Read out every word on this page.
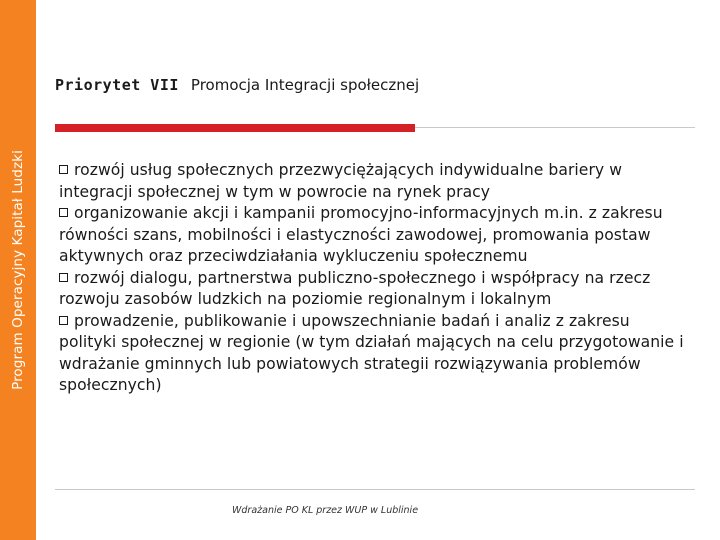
Program Operacyjny Kapitał Ludzki
Priorytet VII Promocja Integracji społecznej
rozwój usług społecznych przezwyciężających indywidualne bariery w integracji społecznej w tym w powrocie na rynek pracy
organizowanie akcji i kampanii promocyjno-informacyjnych m.in. z zakresu równości szans, mobilności i elastyczności zawodowej, promowania postaw aktywnych oraz przeciwdziałania wykluczeniu społecznemu
rozwój dialogu, partnerstwa publiczno-społecznego i współpracy na rzecz rozwoju zasobów ludzkich na poziomie regionalnym i lokalnym
prowadzenie, publikowanie i upowszechnianie badań i analiz z zakresu polityki społecznej w regionie (w tym działań mających na celu przygotowanie i wdrażanie gminnych lub powiatowych strategii rozwiązywania problemów społecznych)
Wdrażanie PO KL przez WUP w Lublinie
